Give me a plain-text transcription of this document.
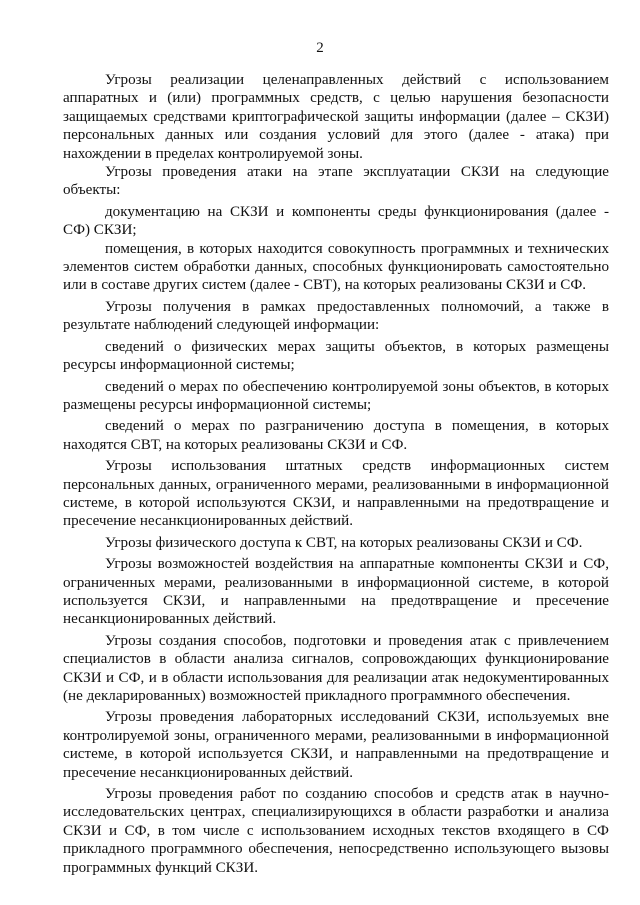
2

Угрозы реализации целенаправленных действий с использованием аппаратных и (или) программных средств, с целью нарушения безопасности защищаемых средствами криптографической защиты информации (далее – СКЗИ) персональных данных или создания условий для этого (далее - атака) при нахождении в пределах контролируемой зоны.

Угрозы проведения атаки на этапе эксплуатации СКЗИ на следующие объекты:

документацию на СКЗИ и компоненты среды функционирования (далее - СФ) СКЗИ;

помещения, в которых находится совокупность программных и технических элементов систем обработки данных, способных функционировать самостоятельно или в составе других систем (далее - СВТ), на которых реализованы СКЗИ и СФ.

Угрозы получения в рамках предоставленных полномочий, а также в результате наблюдений следующей информации:

сведений о физических мерах защиты объектов, в которых размещены ресурсы информационной системы;

сведений о мерах по обеспечению контролируемой зоны объектов, в которых размещены ресурсы информационной системы;

сведений о мерах по разграничению доступа в помещения, в которых находятся СВТ, на которых реализованы СКЗИ и СФ.

Угрозы использования штатных средств информационных систем персональных данных, ограниченного мерами, реализованными в информационной системе, в которой используются СКЗИ, и направленными на предотвращение и пресечение несанкционированных действий.

Угрозы физического доступа к СВТ, на которых реализованы СКЗИ и СФ.

Угрозы возможностей воздействия на аппаратные компоненты СКЗИ и СФ, ограниченных мерами, реализованными в информационной системе, в которой используется СКЗИ, и направленными на предотвращение и пресечение несанкционированных действий.

Угрозы создания способов, подготовки и проведения атак с привлечением специалистов в области анализа сигналов, сопровождающих функционирование СКЗИ и СФ, и в области использования для реализации атак недокументированных (не декларированных) возможностей прикладного программного обеспечения.

Угрозы проведения лабораторных исследований СКЗИ, используемых вне контролируемой зоны, ограниченного мерами, реализованными в информационной системе, в которой используется СКЗИ, и направленными на предотвращение и пресечение несанкционированных действий.

Угрозы проведения работ по созданию способов и средств атак в научно-исследовательских центрах, специализирующихся в области разработки и анализа СКЗИ и СФ, в том числе с использованием исходных текстов входящего в СФ прикладного программного обеспечения, непосредственно использующего вызовы программных функций СКЗИ.
